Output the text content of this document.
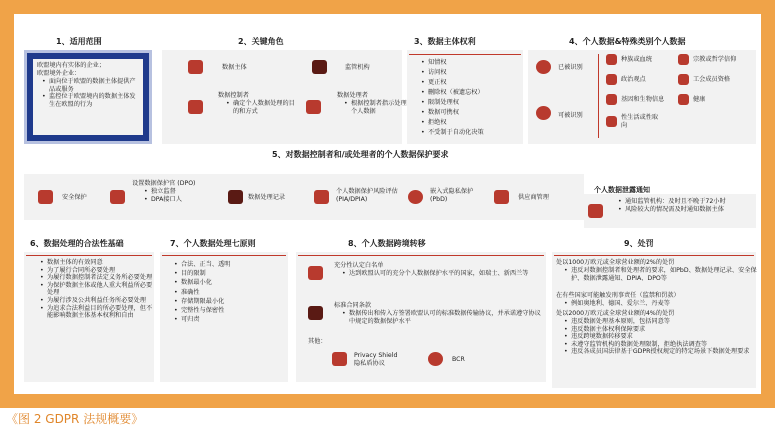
1、适用范围
欧盟境内有实体的企业；
欧盟境外企业：
• 面向位于欧盟的数据主体提供产品或服务
• 监控位于欧盟境内的数据主体发生在欧盟的行为
2、关键角色
数据主体	监管机构
数据控制者
• 确定个人数据处理的目的和方式
数据处理者
• 根据控制者指示处理个人数据
3、数据主体权利
• 知情权
• 访问权
• 更正权
• 删除权（被遗忘权）
• 限制处理权
• 数据可携权
• 拒绝权
• 不受制于自动化决策
4、个人数据&特殊类别个人数据
已被识别
可被识别
种族或血统	宗教或哲学信仰
政治观点	工会成员资格
基因和生物信息	健康
性生活或性取向
5、对数据控制者和/或处理者的个人数据保护要求
安全保护
设置数据保护官 (DPO)
• 独立监督
• DPA接口人	数据处理记录
个人数据保护风险评估 (PIA/DPIA)
嵌入式隐私保护 (PbD)	供应商管理
个人数据泄露通知
• 通知监管机构：及时且不晚于72小时
• 风险较大的情况需及时通知数据主体
6、数据处理的合法性基础
• 数据主体的有效同意
• 为了履行合同所必要处理
• 为履行数据控制者法定义务所必要处理
• 为保护数据主体或他人重大利益所必要处理
• 为履行涉及公共利益任务所必要处理
• 为追求合法利益目的所必要处理，但不能影响数据主体基本权利和自由
7、个人数据处理七原则
• 合法、正当、透明
• 目的限制
• 数据最小化
• 准确性
• 存储期限最小化
• 完整性与保密性
• 可归责
8、个人数据跨境转移
充分性认定白名单
• 达到欧盟认可的充分个人数据保护水平的国家，如瑞士、新西兰等
标准合同条款
• 数据传出和传入方签署欧盟认可的标准数据传输协议，并承诺遵守协议中规定的数据保护水平
其他：
Privacy Shield
隐私盾协议
BCR
9、处罚
处以1000万欧元或全球营业额的2%的处罚
• 违反对数据控制者和处理者的要求，如PbD、数据处理记录、安全保护、数据泄露通知、DPIA、DPO等
在有些国家可能触发刑事责任（监禁和罚款）
• 例如奥地利、德国、爱尔兰、丹麦等
处以2000万欧元或全球营业额的4%的处罚
• 违反数据处理基本原则，包括同意等
• 违反数据主体权利保障要求
• 违反跨境数据转移要求
• 未遵守监管机构的数据处理限制，拒绝执法调查等
• 违反各成员国法律基于GDPR授权规定的特定场景下数据处理要求
《图 2 GDPR 法规概要》
